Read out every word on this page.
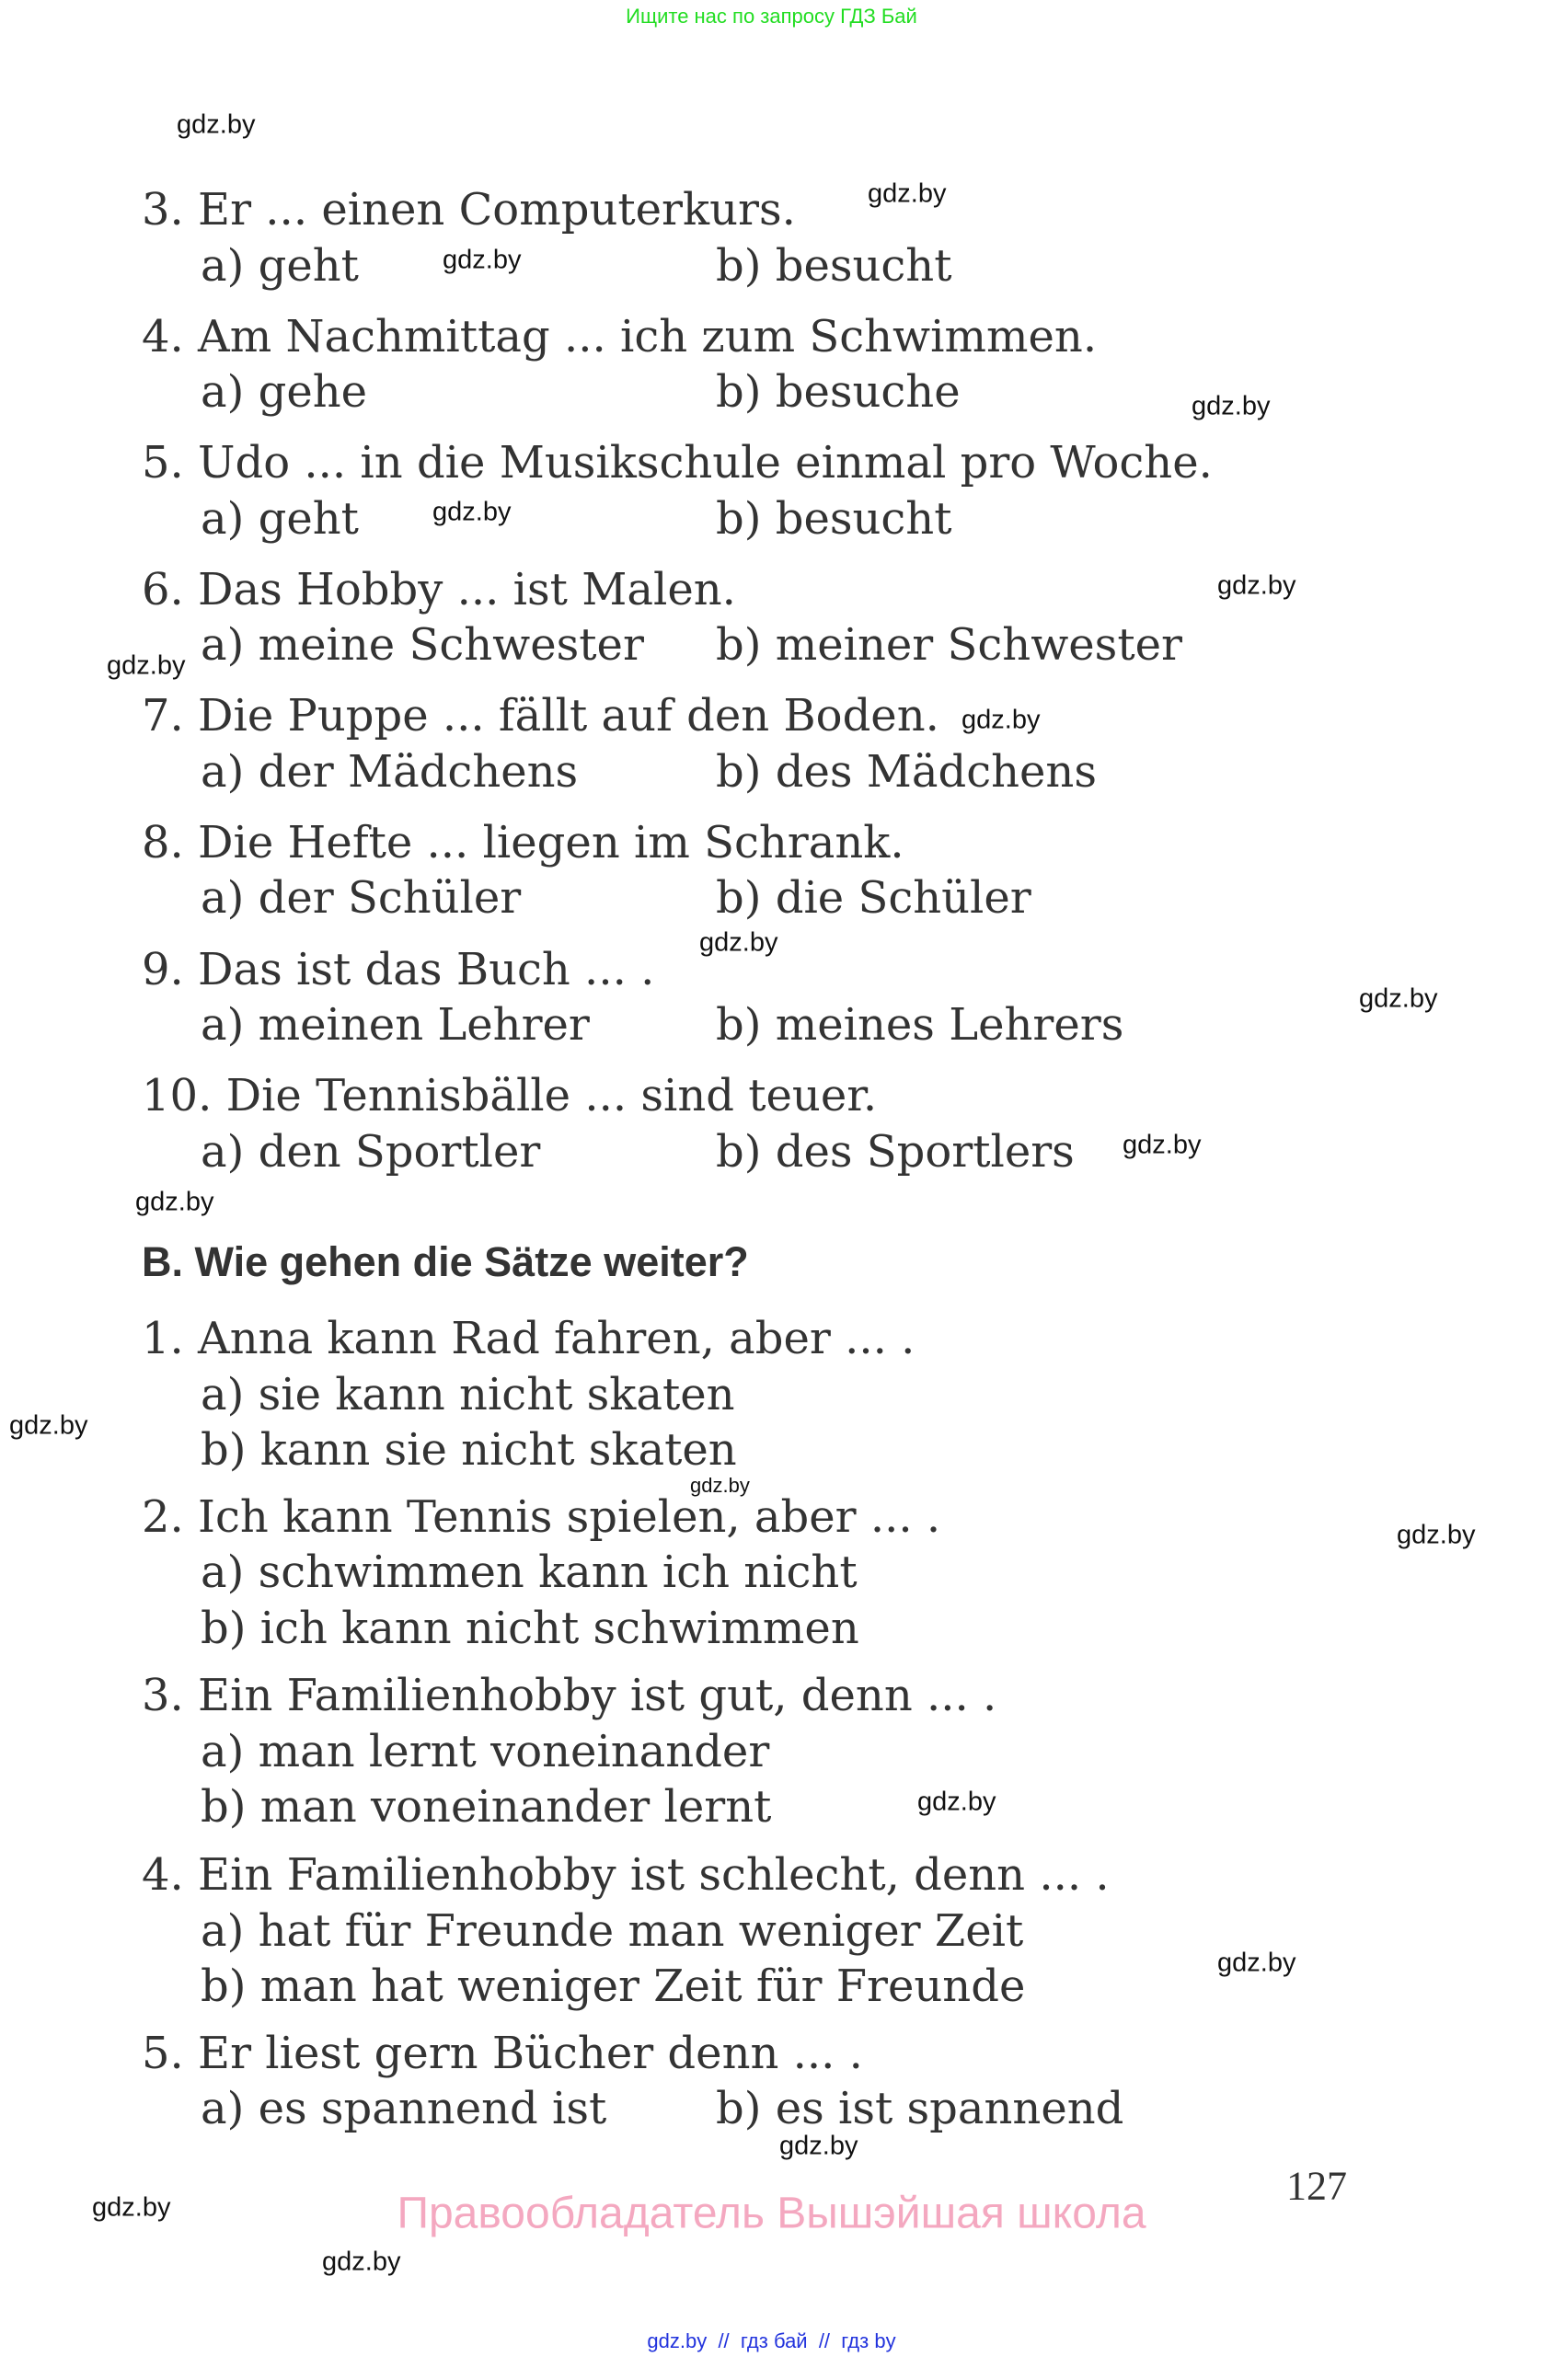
Ищите нас по запросу ГДЗ Бай
3. Er ... einen Computerkurs.
a) geht	b) besucht
4. Am Nachmittag ... ich zum Schwimmen.
a) gehe	b) besuche
5. Udo ... in die Musikschule einmal pro Woche.
a) geht	b) besucht
6. Das Hobby ... ist Malen.
a) meine Schwester b) meiner Schwester
7. Die Puppe ... fällt auf den Boden.
a) der Mädchens	b) des Mädchens
8. Die Hefte ... liegen im Schrank.
a) der Schüler	b) die Schüler
9. Das ist das Buch ... .
a) meinen Lehrer	b) meines Lehrers
10. Die Tennisbälle ... sind teuer.
a) den Sportler	b) des Sportlers
B. Wie gehen die Sätze weiter?
1. Anna kann Rad fahren, aber ... .
a) sie kann nicht skaten
b) kann sie nicht skaten
2. Ich kann Tennis spielen, aber ... .
a) schwimmen kann ich nicht
b) ich kann nicht schwimmen
3. Ein Familienhobby ist gut, denn ... .
a) man lernt voneinander
b) man voneinander lernt
4. Ein Familienhobby ist schlecht, denn ... .
a) hat für Freunde man weniger Zeit
b) man hat weniger Zeit für Freunde
5. Er liest gern Bücher denn ... .
a) es spannend ist b) es ist spannend
gdz.by
gdz.by
gdz.by
gdz.by
gdz.by
gdz.by
gdz.by
gdz.by
gdz.by
gdz.by
gdz.by
gdz.by
gdz.by
gdz.by
gdz.by
gdz.by
gdz.by
gdz.by
gdz.by
gdz.by
127
Правообладатель Вышэйшая школа
gdz.by  //  гдз бай  //  гдз by
